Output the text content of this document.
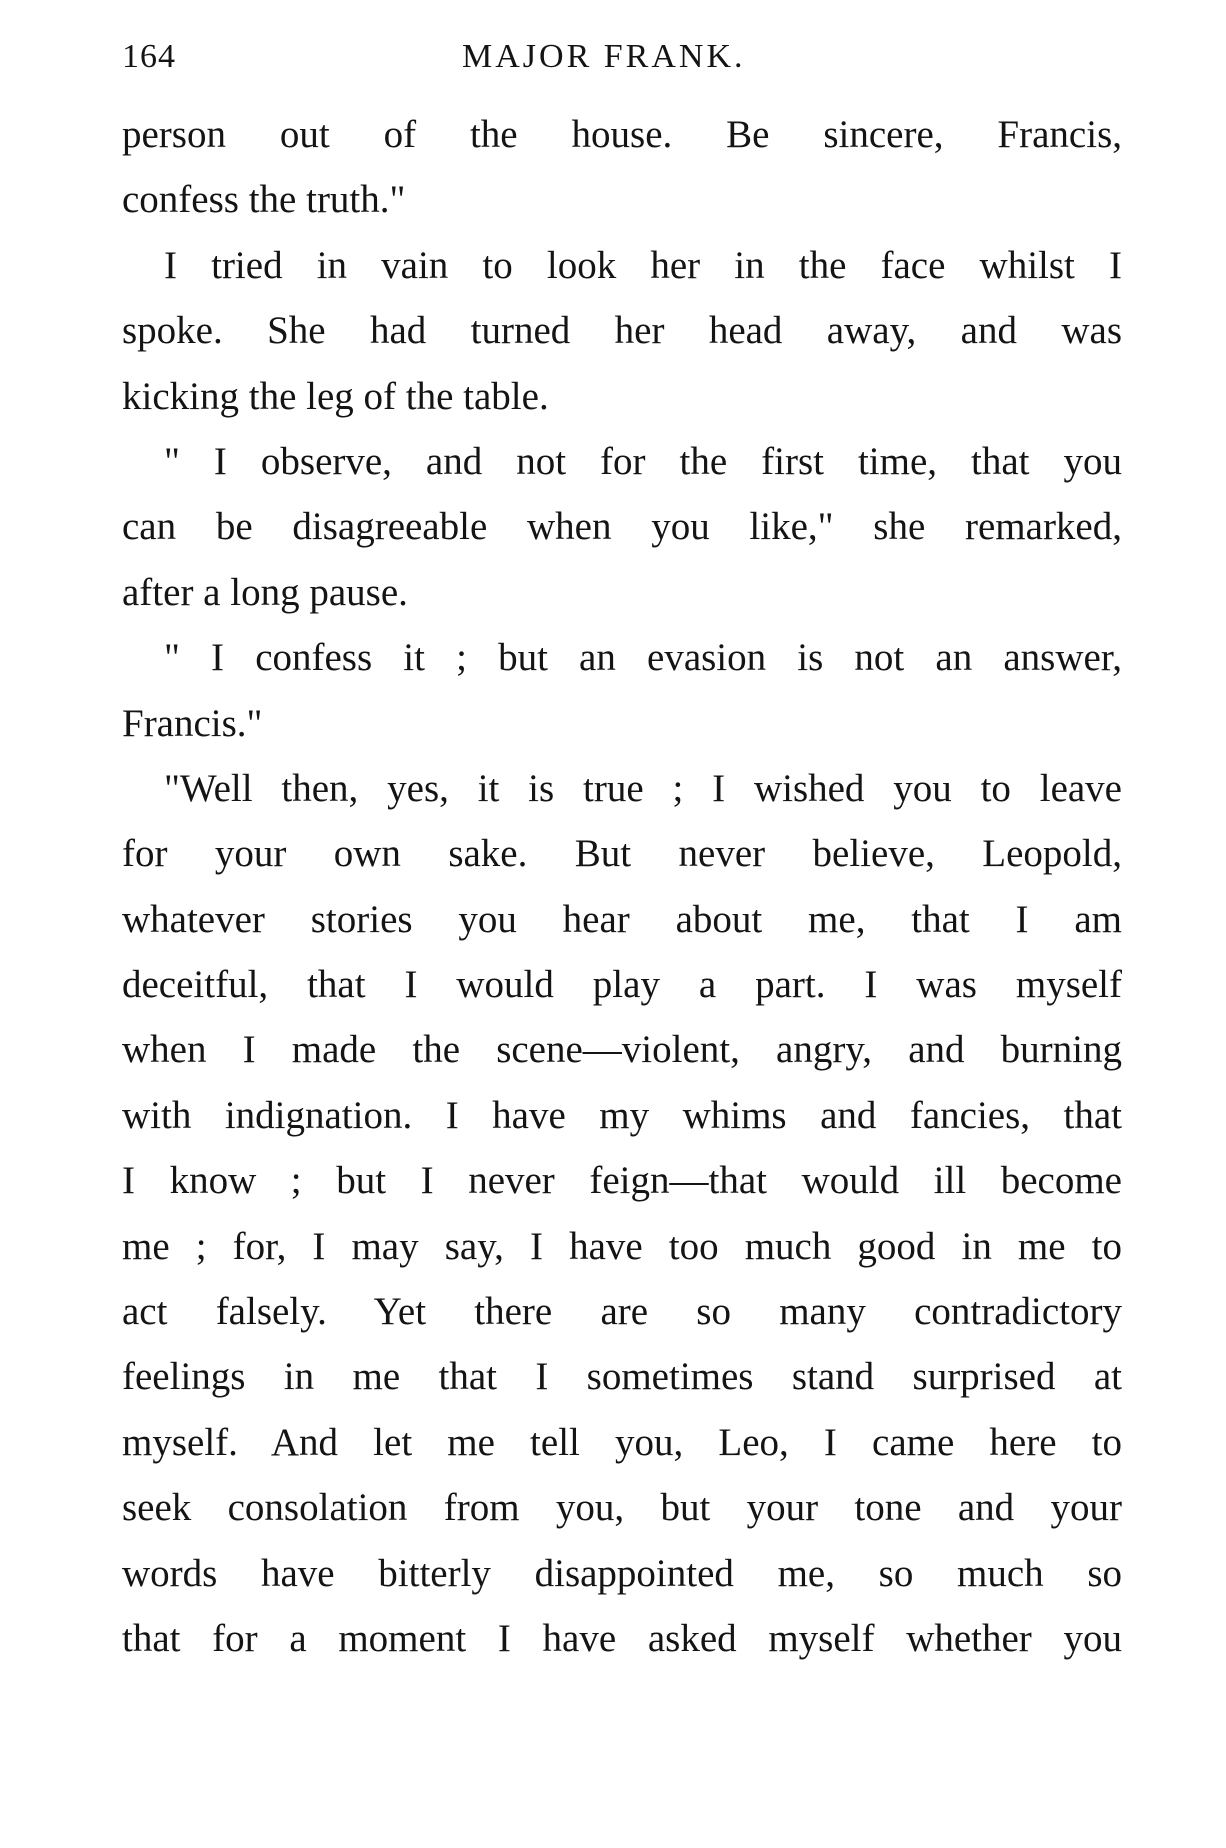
164	MAJOR FRANK.
person out of the house. Be sincere, Francis,
confess the truth."
I tried in vain to look her in the face whilst I
spoke. She had turned her head away, and was
kicking the leg of the table.
" I observe, and not for the first time, that you
can be disagreeable when you like," she remarked,
after a long pause.
" I confess it ; but an evasion is not an answer,
Francis."
"Well then, yes, it is true ; I wished you to leave
for your own sake. But never believe, Leopold,
whatever stories you hear about me, that I am
deceitful, that I would play a part. I was myself
when I made the scene—violent, angry, and burning
with indignation. I have my whims and fancies, that
I know ; but I never feign—that would ill become
me ; for, I may say, I have too much good in me to
act falsely. Yet there are so many contradictory
feelings in me that I sometimes stand surprised at
myself. And let me tell you, Leo, I came here to
seek consolation from you, but your tone and your
words have bitterly disappointed me, so much so
that for a moment I have asked myself whether you
